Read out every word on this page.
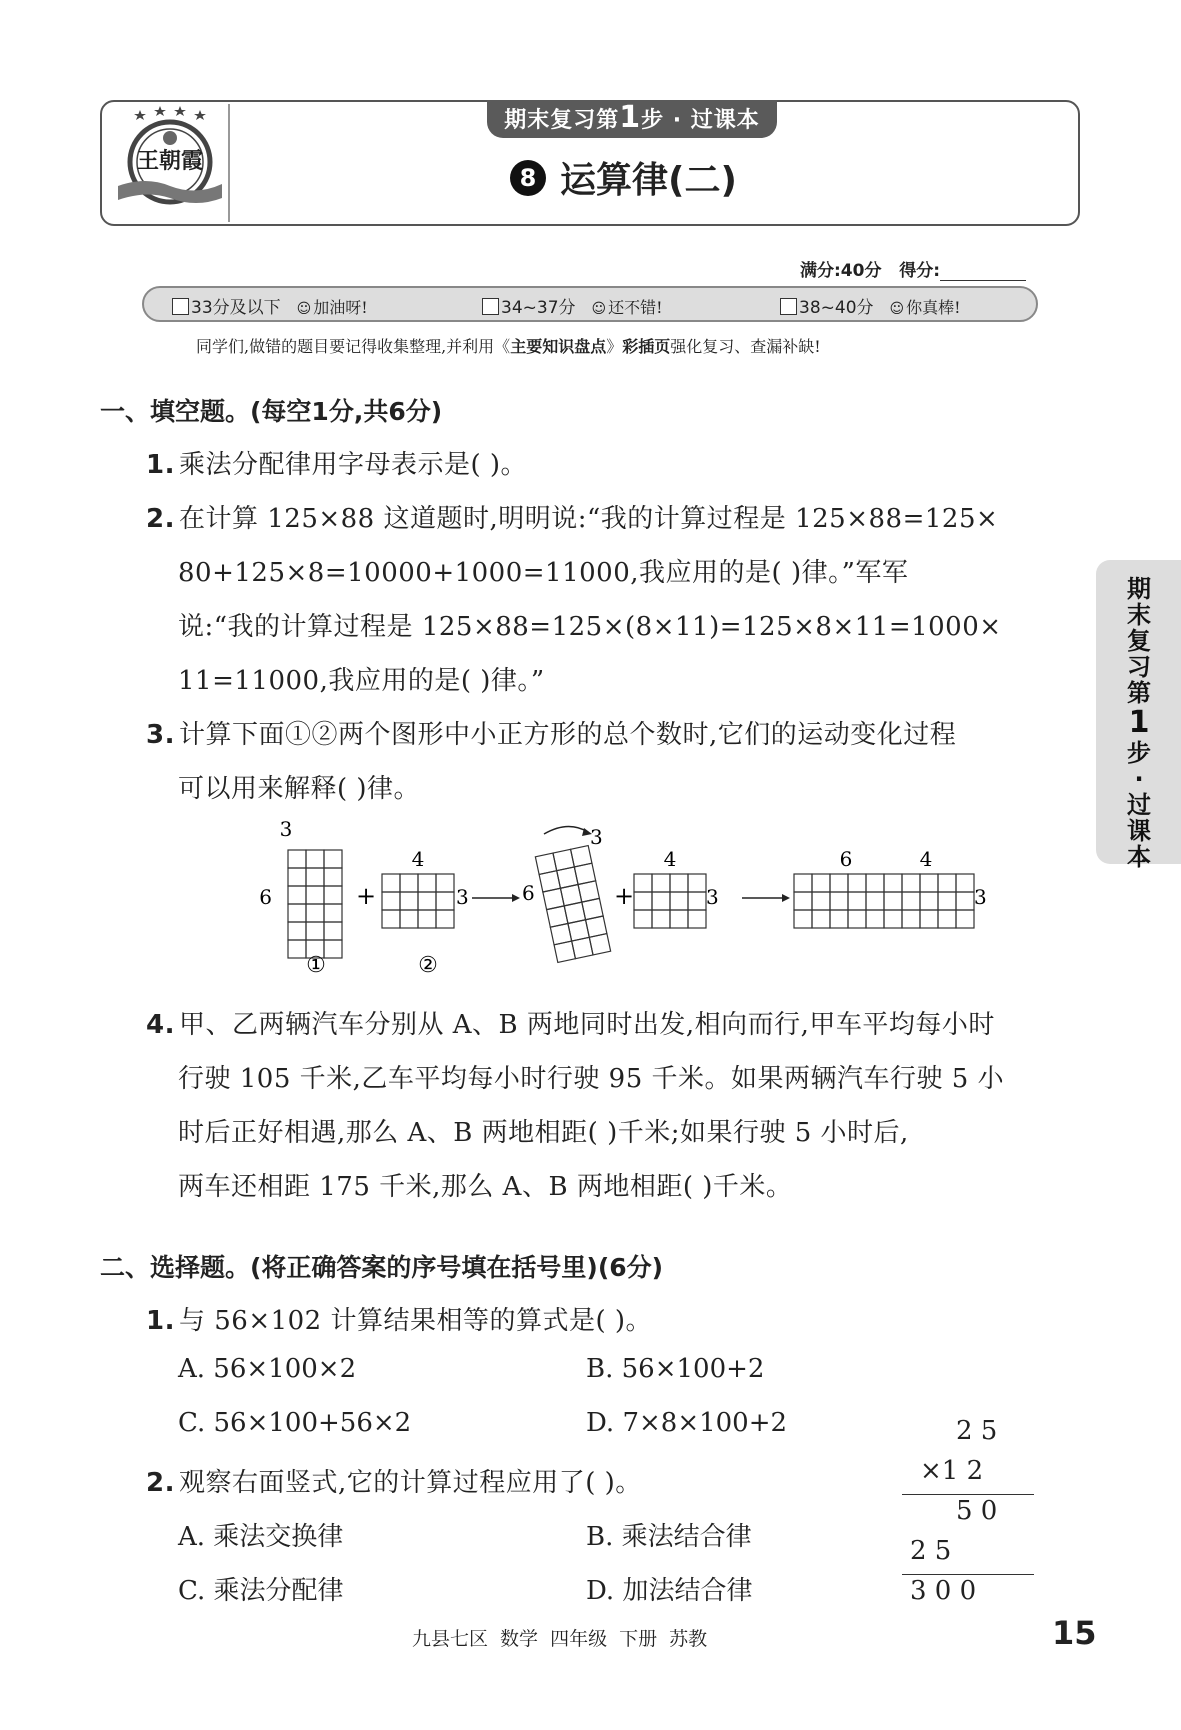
王朝霞
期末复习第1步 · 过课本
8 运算律(二)
满分:40分 得分:
33分及以下 ☺ 加油呀!	34~37分 ☺ 还不错!	38~40分 ☺ 你真棒!
同学们,做错的题目要记得收集整理,并利用《主要知识盘点》彩插页强化复习、查漏补缺!
一、填空题。(每空1分,共6分)
1. 乘法分配律用字母表示是( )。
2. 在计算 125×88 这道题时,明明说:“我的计算过程是 125×88=125×
80+125×8=10000+1000=11000,我应用的是( )律。”军军
说:“我的计算过程是 125×88=125×(8×11)=125×8×11=1000×
11=11000,我应用的是( )律。”
3. 计算下面①②两个图形中小正方形的总个数时,它们的运动变化过程
可以用来解释( )律。
3
6
①
+
4
3
②
3
6	+
4
3
6	4
3
4. 甲、乙两辆汽车分别从 A、B 两地同时出发,相向而行,甲车平均每小时
行驶 105 千米,乙车平均每小时行驶 95 千米。如果两辆汽车行驶 5 小
时后正好相遇,那么 A、B 两地相距( )千米;如果行驶 5 小时后,
两车还相距 175 千米,那么 A、B 两地相距( )千米。
二、选择题。(将正确答案的序号填在括号里)(6分)
1. 与 56×102 计算结果相等的算式是( )。
A. 56×100×2	B. 56×100+2
C. 56×100+56×2	D. 7×8×100+2
2. 观察右面竖式,它的计算过程应用了( )。
A. 乘法交换律	B. 乘法结合律
C. 乘法分配律	D. 加法结合律
2 5
×1 2
5 0
2 5
3 0 0
期
末
复
习
第
1
步
·
过
课
本
九县七区 数学 四年级 下册 苏教	15
